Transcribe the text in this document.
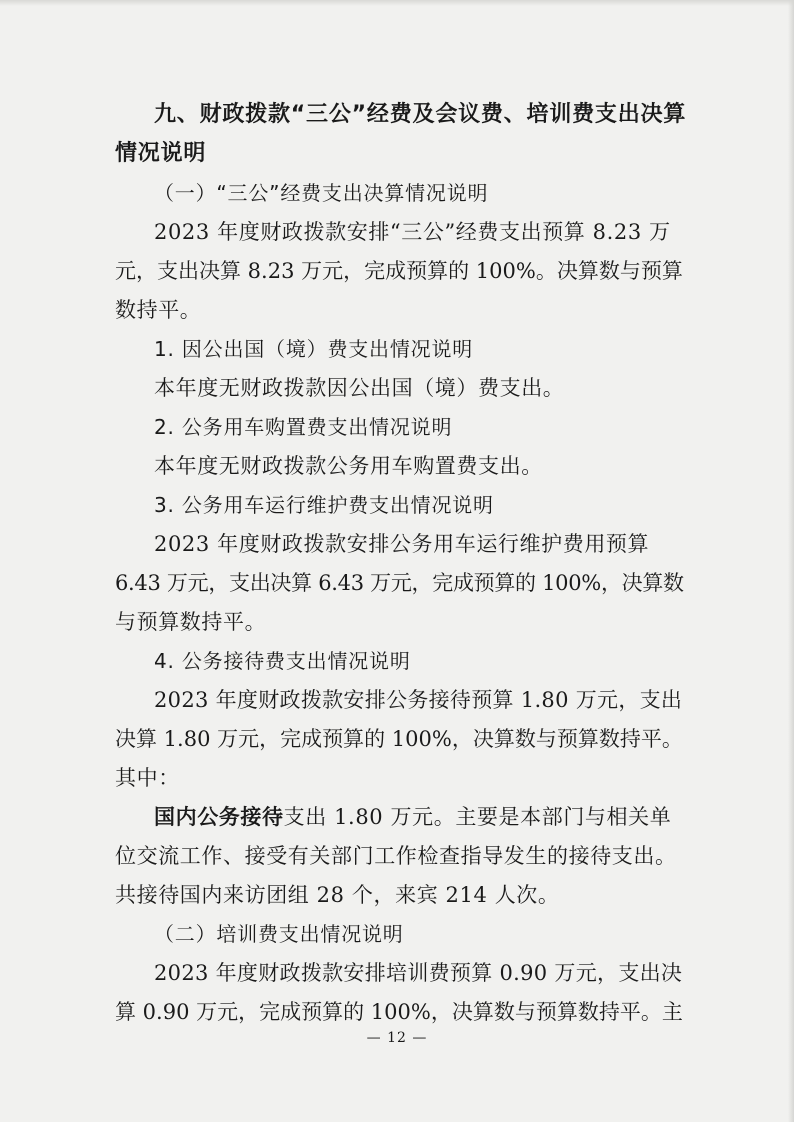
九、财政拨款“三公”经费及会议费、培训费支出决算
情况说明
（一）“三公”经费支出决算情况说明
2023 年度财政拨款安排“三公”经费支出预算 8.23 万
元，支出决算 8.23 万元，完成预算的 100%。决算数与预算
数持平。
1. 因公出国（境）费支出情况说明
本年度无财政拨款因公出国（境）费支出。
2. 公务用车购置费支出情况说明
本年度无财政拨款公务用车购置费支出。
3. 公务用车运行维护费支出情况说明
2023 年度财政拨款安排公务用车运行维护费用预算
6.43 万元，支出决算 6.43 万元，完成预算的 100%，决算数
与预算数持平。
4. 公务接待费支出情况说明
2023 年度财政拨款安排公务接待预算 1.80 万元，支出
决算 1.80 万元，完成预算的 100%，决算数与预算数持平。
其中：
国内公务接待支出 1.80 万元。主要是本部门与相关单
位交流工作、接受有关部门工作检查指导发生的接待支出。
共接待国内来访团组 28 个，来宾 214 人次。
（二）培训费支出情况说明
2023 年度财政拨款安排培训费预算 0.90 万元，支出决
算 0.90 万元，完成预算的 100%，决算数与预算数持平。主
— 12 —
